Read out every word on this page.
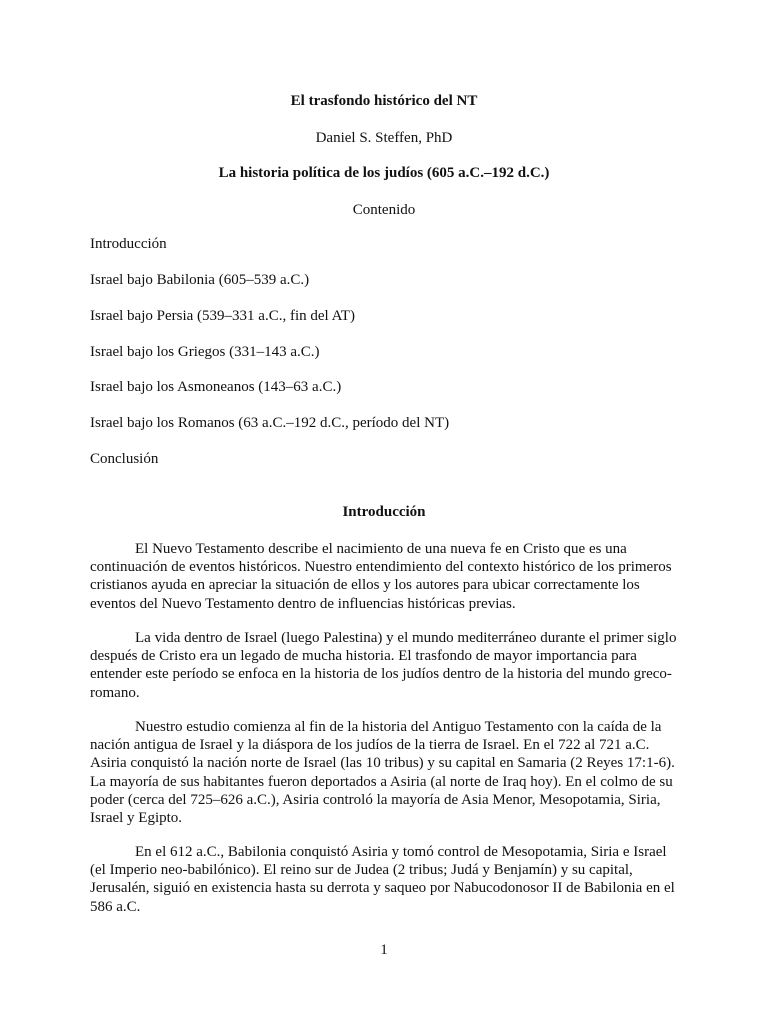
El trasfondo histórico del NT
Daniel S. Steffen, PhD
La historia política de los judíos (605 a.C.–192 d.C.)
Contenido
Introducción
Israel bajo Babilonia (605–539 a.C.)
Israel bajo Persia (539–331 a.C., fin del AT)
Israel bajo los Griegos (331–143 a.C.)
Israel bajo los Asmoneanos (143–63 a.C.)
Israel bajo los Romanos (63 a.C.–192 d.C., período del NT)
Conclusión
Introducción

El Nuevo Testamento describe el nacimiento de una nueva fe en Cristo que es una continuación de eventos históricos. Nuestro entendimiento del contexto histórico de los primeros cristianos ayuda en apreciar la situación de ellos y los autores para ubicar correctamente los eventos del Nuevo Testamento dentro de influencias históricas previas.

La vida dentro de Israel (luego Palestina) y el mundo mediterráneo durante el primer siglo después de Cristo era un legado de mucha historia. El trasfondo de mayor importancia para entender este período se enfoca en la historia de los judíos dentro de la historia del mundo greco-romano.

Nuestro estudio comienza al fin de la historia del Antiguo Testamento con la caída de la nación antigua de Israel y la diáspora de los judíos de la tierra de Israel. En el 722 al 721 a.C. Asiria conquistó la nación norte de Israel (las 10 tribus) y su capital en Samaria (2 Reyes 17:1-6). La mayoría de sus habitantes fueron deportados a Asiria (al norte de Iraq hoy). En el colmo de su poder (cerca del 725–626 a.C.), Asiria controló la mayoría de Asia Menor, Mesopotamia, Siria, Israel y Egipto.

En el 612 a.C., Babilonia conquistó Asiria y tomó control de Mesopotamia, Siria e Israel (el Imperio neo-babilónico). El reino sur de Judea (2 tribus; Judá y Benjamín) y su capital, Jerusalén, siguió en existencia hasta su derrota y saqueo por Nabucodonosor II de Babilonia en el 586 a.C.

1
